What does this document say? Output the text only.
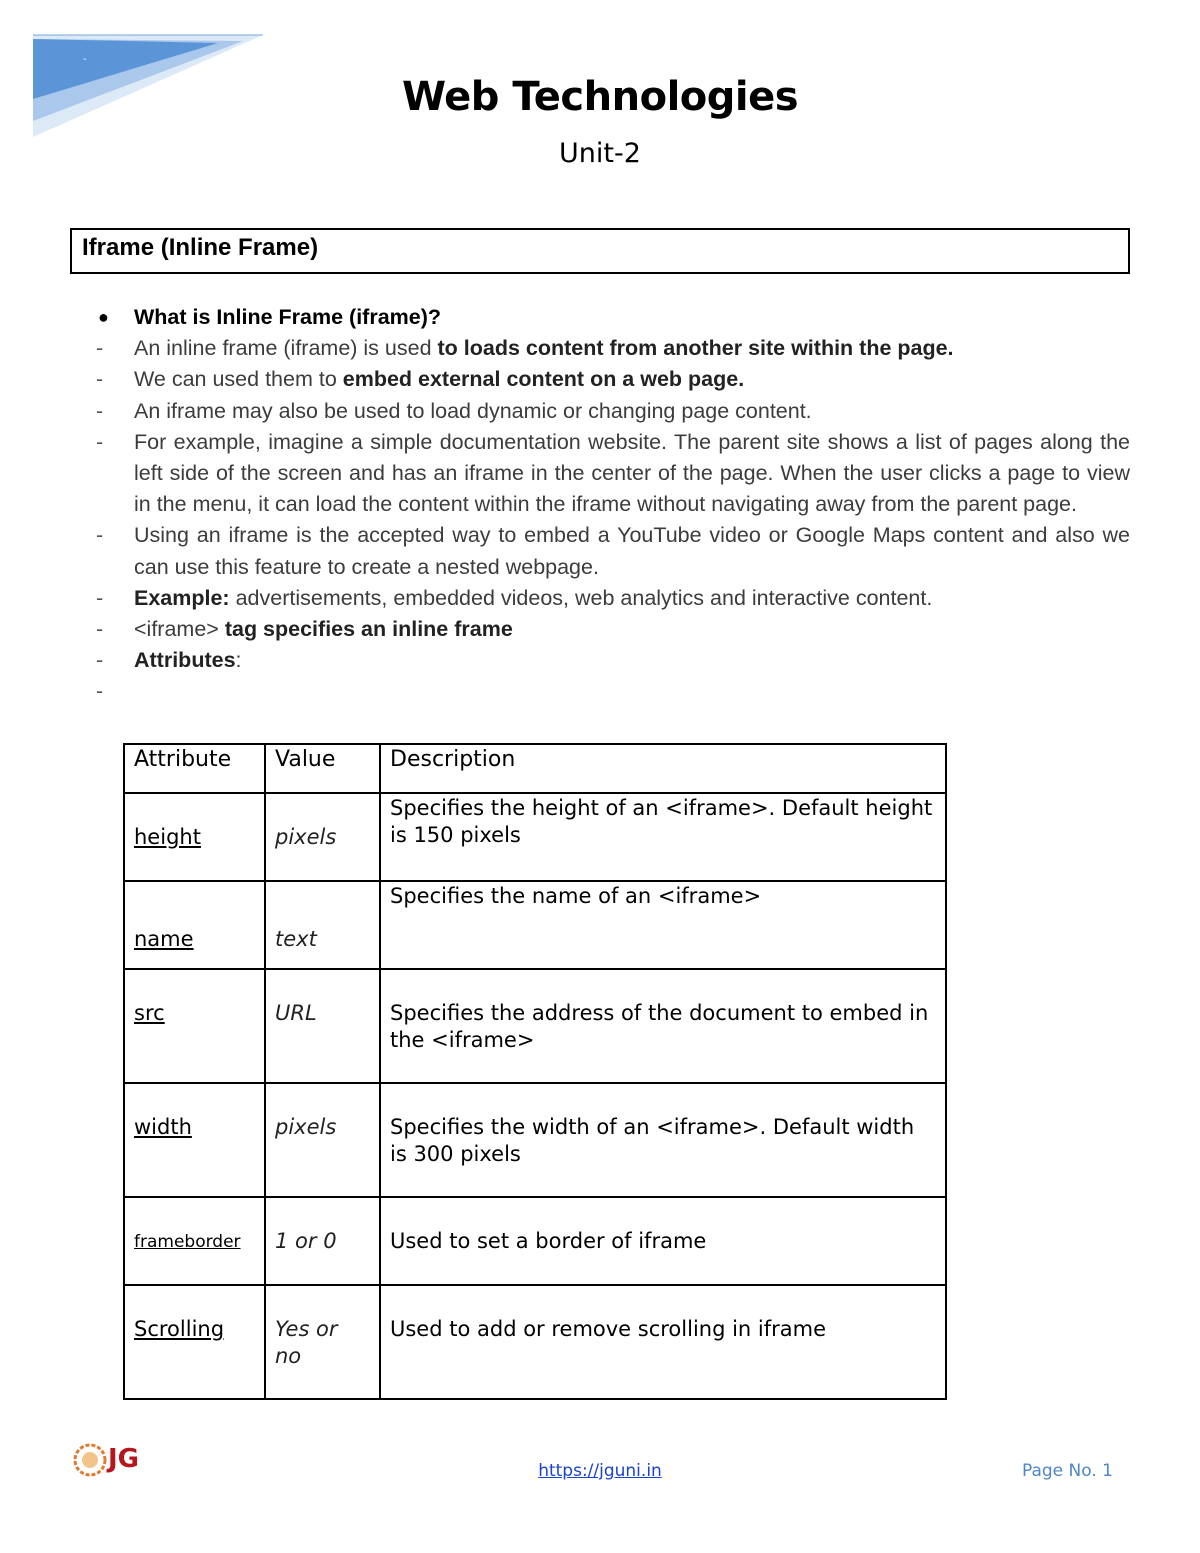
-
Web Technologies
Unit-2
Iframe (Inline Frame)
● What is Inline Frame (iframe)?
- An inline frame (iframe) is used to loads content from another site within the page.
- We can used them to embed external content on a web page.
- An iframe may also be used to load dynamic or changing page content.
- For example, imagine a simple documentation website. The parent site shows a list of pages along the left side of the screen and has an iframe in the center of the page. When the user clicks a page to view in the menu, it can load the content within the iframe without navigating away from the parent page.
- Using an iframe is the accepted way to embed a YouTube video or Google Maps content and also we can use this feature to create a nested webpage.
- Example: advertisements, embedded videos, web analytics and interactive content.
- <iframe> tag specifies an inline frame
- Attributes:
-

Attribute	Value	Description
height	pixels	Specifies the height of an <iframe>. Default height is 150 pixels
name	text	Specifies the name of an <iframe>
src	URL	Specifies the address of the document to embed in the <iframe>
width	pixels	Specifies the width of an <iframe>. Default width is 300 pixels
frameborder	1 or 0	Used to set a border of iframe
Scrolling	Yes or no	Used to add or remove scrolling in iframe
JG	https://jguni.in	Page No. 1
